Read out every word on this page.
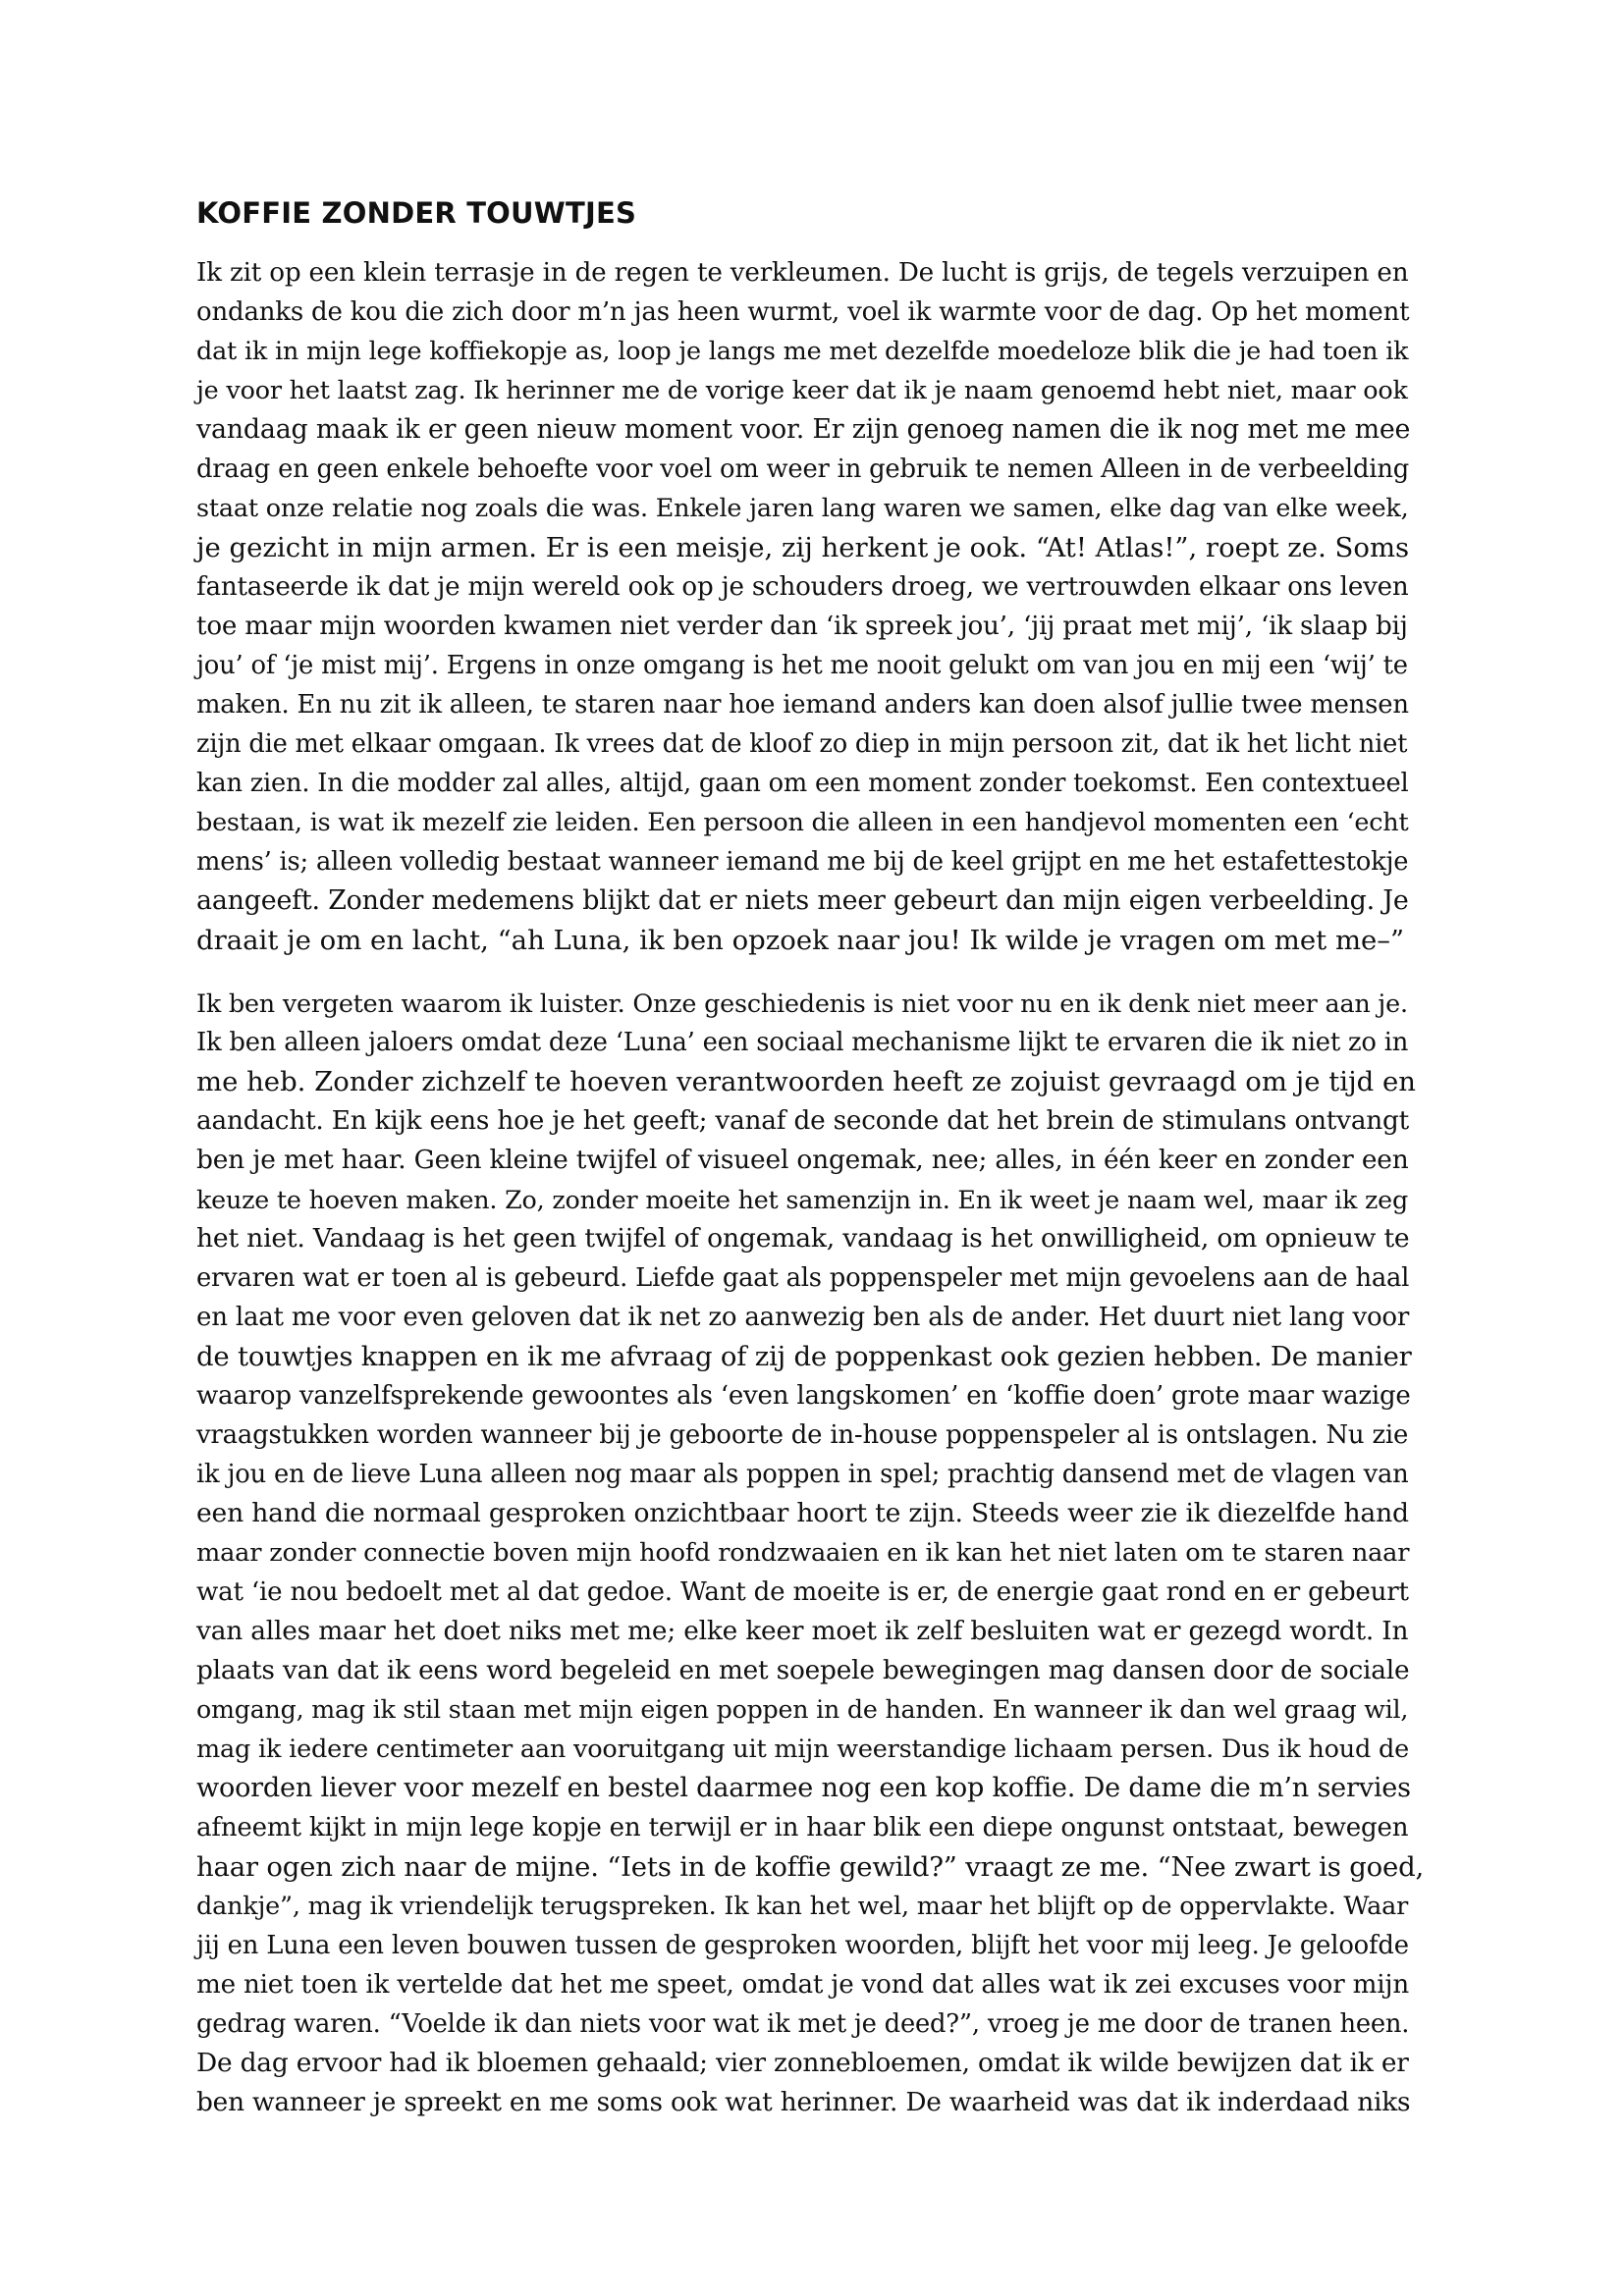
KOFFIE ZONDER TOUWTJES

Ik zit op een klein terrasje in de regen te verkleumen. De lucht is grijs, de tegels verzuipen en
ondanks de kou die zich door m’n jas heen wurmt, voel ik warmte voor de dag. Op het moment
dat ik in mijn lege koffiekopje as, loop je langs me met dezelfde moedeloze blik die je had toen ik
je voor het laatst zag. Ik herinner me de vorige keer dat ik je naam genoemd hebt niet, maar ook
vandaag maak ik er geen nieuw moment voor. Er zijn genoeg namen die ik nog met me mee
draag en geen enkele behoefte voor voel om weer in gebruik te nemen Alleen in de verbeelding
staat onze relatie nog zoals die was. Enkele jaren lang waren we samen, elke dag van elke week,
je gezicht in mijn armen. Er is een meisje, zij herkent je ook. “At! Atlas!”, roept ze. Soms
fantaseerde ik dat je mijn wereld ook op je schouders droeg, we vertrouwden elkaar ons leven
toe maar mijn woorden kwamen niet verder dan ‘ik spreek jou’, ‘jij praat met mij’, ‘ik slaap bij
jou’ of ‘je mist mij’. Ergens in onze omgang is het me nooit gelukt om van jou en mij een ‘wij’ te
maken. En nu zit ik alleen, te staren naar hoe iemand anders kan doen alsof jullie twee mensen
zijn die met elkaar omgaan. Ik vrees dat de kloof zo diep in mijn persoon zit, dat ik het licht niet
kan zien. In die modder zal alles, altijd, gaan om een moment zonder toekomst. Een contextueel
bestaan, is wat ik mezelf zie leiden. Een persoon die alleen in een handjevol momenten een ‘echt
mens’ is; alleen volledig bestaat wanneer iemand me bij de keel grijpt en me het estafettestokje
aangeeft. Zonder medemens blijkt dat er niets meer gebeurt dan mijn eigen verbeelding. Je
draait je om en lacht, “ah Luna, ik ben opzoek naar jou! Ik wilde je vragen om met me–”

Ik ben vergeten waarom ik luister. Onze geschiedenis is niet voor nu en ik denk niet meer aan je.
Ik ben alleen jaloers omdat deze ‘Luna’ een sociaal mechanisme lijkt te ervaren die ik niet zo in
me heb. Zonder zichzelf te hoeven verantwoorden heeft ze zojuist gevraagd om je tijd en
aandacht. En kijk eens hoe je het geeft; vanaf de seconde dat het brein de stimulans ontvangt
ben je met haar. Geen kleine twijfel of visueel ongemak, nee; alles, in één keer en zonder een
keuze te hoeven maken. Zo, zonder moeite het samenzijn in. En ik weet je naam wel, maar ik zeg
het niet. Vandaag is het geen twijfel of ongemak, vandaag is het onwilligheid, om opnieuw te
ervaren wat er toen al is gebeurd. Liefde gaat als poppenspeler met mijn gevoelens aan de haal
en laat me voor even geloven dat ik net zo aanwezig ben als de ander. Het duurt niet lang voor
de touwtjes knappen en ik me afvraag of zij de poppenkast ook gezien hebben. De manier
waarop vanzelfsprekende gewoontes als ‘even langskomen’ en ‘koffie doen’ grote maar wazige
vraagstukken worden wanneer bij je geboorte de in-house poppenspeler al is ontslagen. Nu zie
ik jou en de lieve Luna alleen nog maar als poppen in spel; prachtig dansend met de vlagen van
een hand die normaal gesproken onzichtbaar hoort te zijn. Steeds weer zie ik diezelfde hand
maar zonder connectie boven mijn hoofd rondzwaaien en ik kan het niet laten om te staren naar
wat ‘ie nou bedoelt met al dat gedoe. Want de moeite is er, de energie gaat rond en er gebeurt
van alles maar het doet niks met me; elke keer moet ik zelf besluiten wat er gezegd wordt. In
plaats van dat ik eens word begeleid en met soepele bewegingen mag dansen door de sociale
omgang, mag ik stil staan met mijn eigen poppen in de handen. En wanneer ik dan wel graag wil,
mag ik iedere centimeter aan vooruitgang uit mijn weerstandige lichaam persen. Dus ik houd de
woorden liever voor mezelf en bestel daarmee nog een kop koffie. De dame die m’n servies
afneemt kijkt in mijn lege kopje en terwijl er in haar blik een diepe ongunst ontstaat, bewegen
haar ogen zich naar de mijne. “Iets in de koffie gewild?” vraagt ze me. “Nee zwart is goed,
dankje”, mag ik vriendelijk terugspreken. Ik kan het wel, maar het blijft op de oppervlakte. Waar
jij en Luna een leven bouwen tussen de gesproken woorden, blijft het voor mij leeg. Je geloofde
me niet toen ik vertelde dat het me speet, omdat je vond dat alles wat ik zei excuses voor mijn
gedrag waren. “Voelde ik dan niets voor wat ik met je deed?”, vroeg je me door de tranen heen.
De dag ervoor had ik bloemen gehaald; vier zonnebloemen, omdat ik wilde bewijzen dat ik er
ben wanneer je spreekt en me soms ook wat herinner. De waarheid was dat ik inderdaad niks
